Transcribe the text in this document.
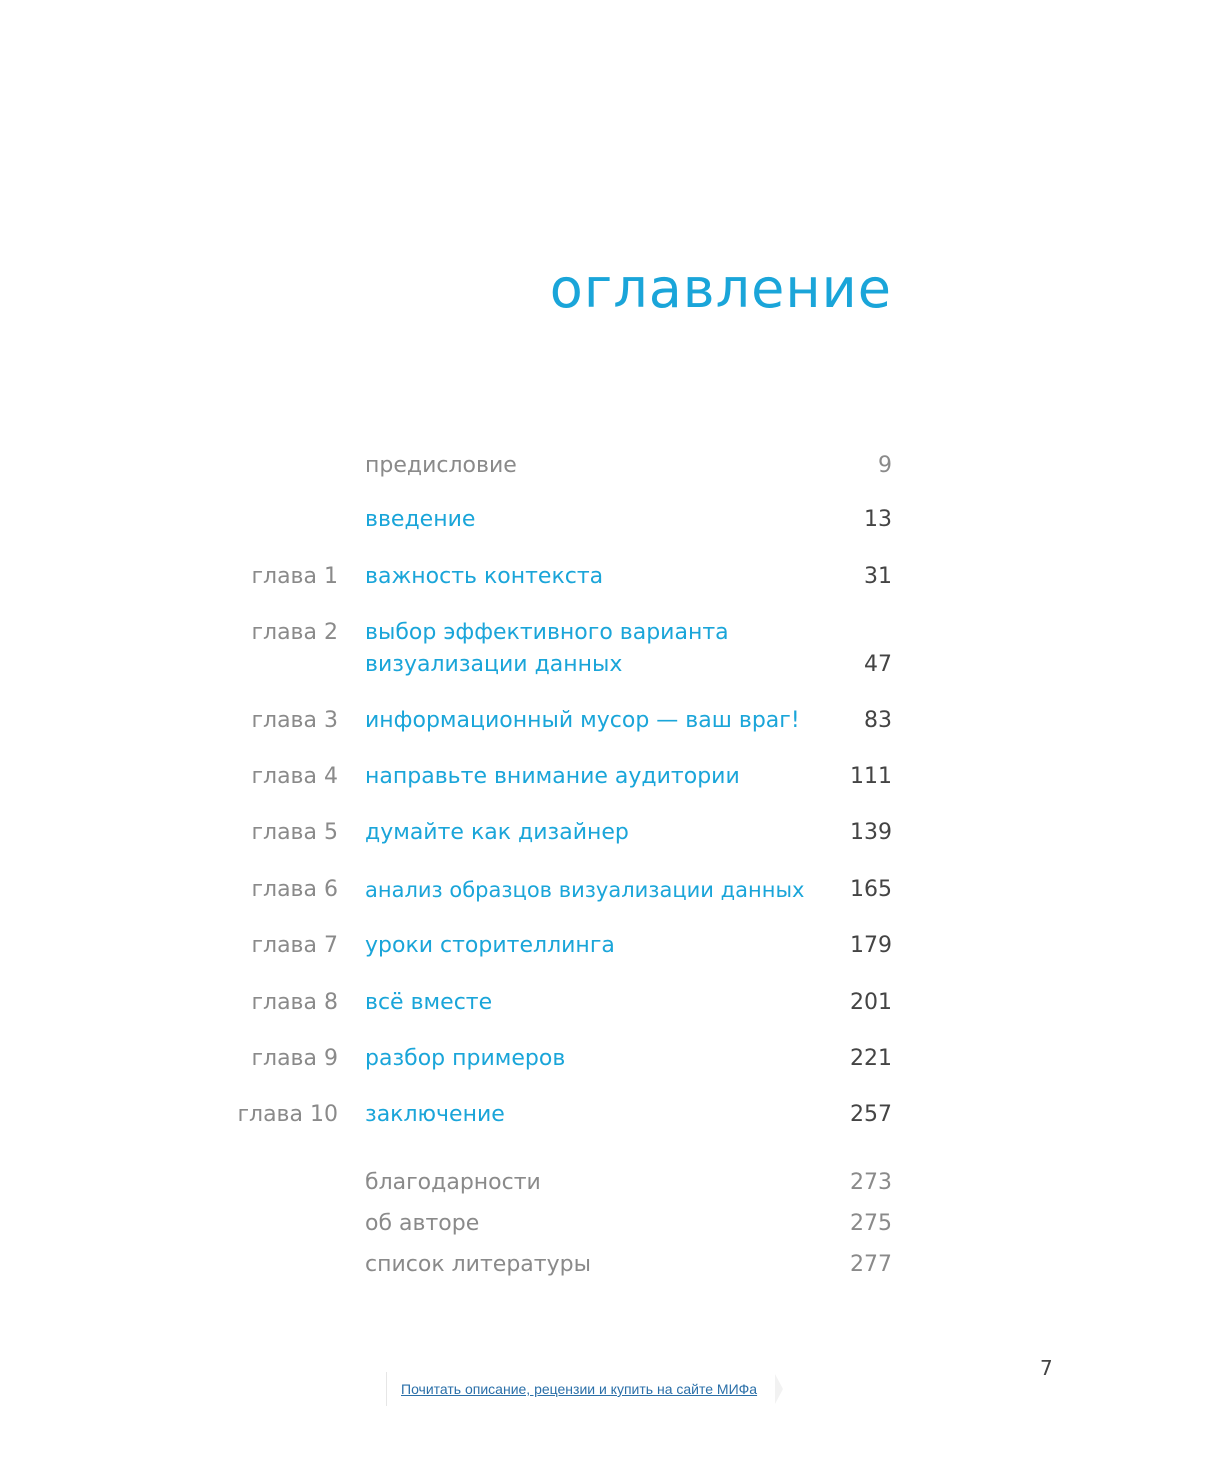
оглавление
предисловие	9
введение	13
глава 1 важность контекста	31
глава 2 выбор эффективного варианта
визуализации данных	47
глава 3 информационный мусор — ваш враг!	83
глава 4 направьте внимание аудитории	111
глава 5 думайте как дизайнер	139
глава 6 анализ образцов визуализации данных	165
глава 7 уроки сторителлинга	179
глава 8 всё вместе	201
глава 9 разбор примеров	221
глава 10 заключение	257
благодарности	273
об авторе	275
список литературы	277
7
Почитать описание, рецензии и купить на сайте МИФа
